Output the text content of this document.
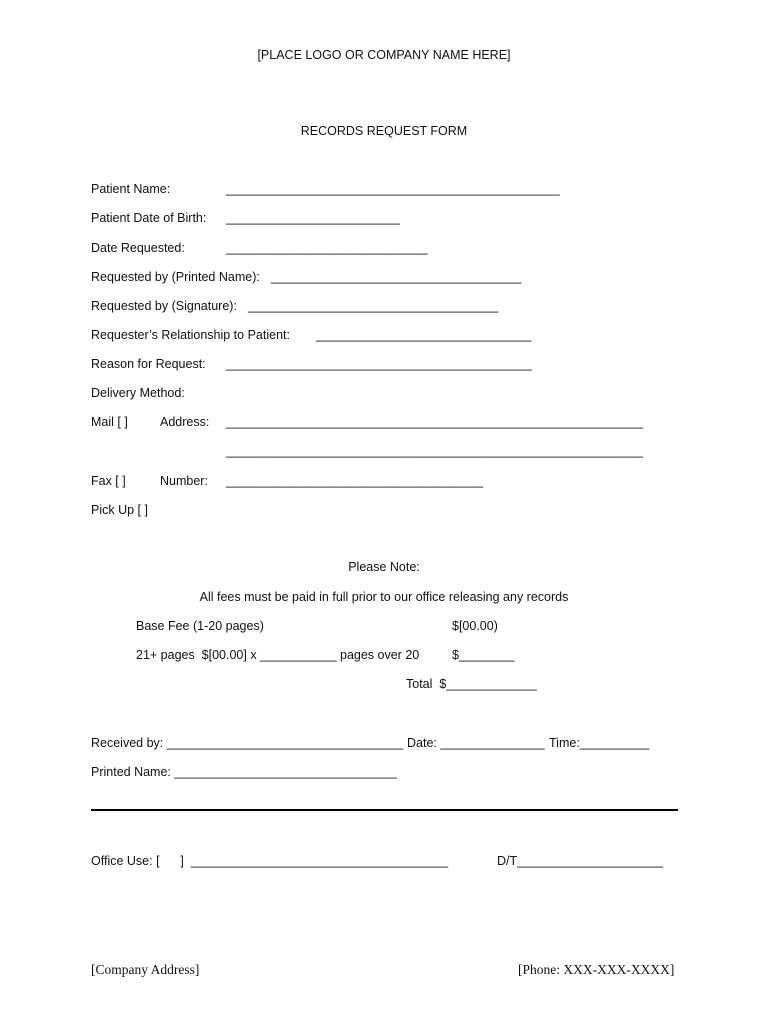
[PLACE LOGO OR COMPANY NAME HERE]
RECORDS REQUEST FORM
Patient Name:	________________________________________________
Patient Date of Birth: _________________________
Date Requested:	_____________________________
Requested by (Printed Name): ____________________________________
Requested by (Signature): ____________________________________
Requester’s Relationship to Patient: _______________________________
Reason for Request: ____________________________________________
Delivery Method:
Mail [ ]	Address: ____________________________________________________________
____________________________________________________________
Fax [ ]	Number: _____________________________________
Pick Up [ ]
Please Note:
All fees must be paid in full prior to our office releasing any records
Base Fee (1-20 pages)	$[00.00)
21+ pages  $[00.00] x ___________ pages over 20	$________
Total  $_____________
Received by: __________________________________ Date: _______________ Time:__________
Printed Name: ________________________________
Office Use: [      ]  _____________________________________	D/T_____________________
[Company Address]	[Phone: XXX-XXX-XXXX]
